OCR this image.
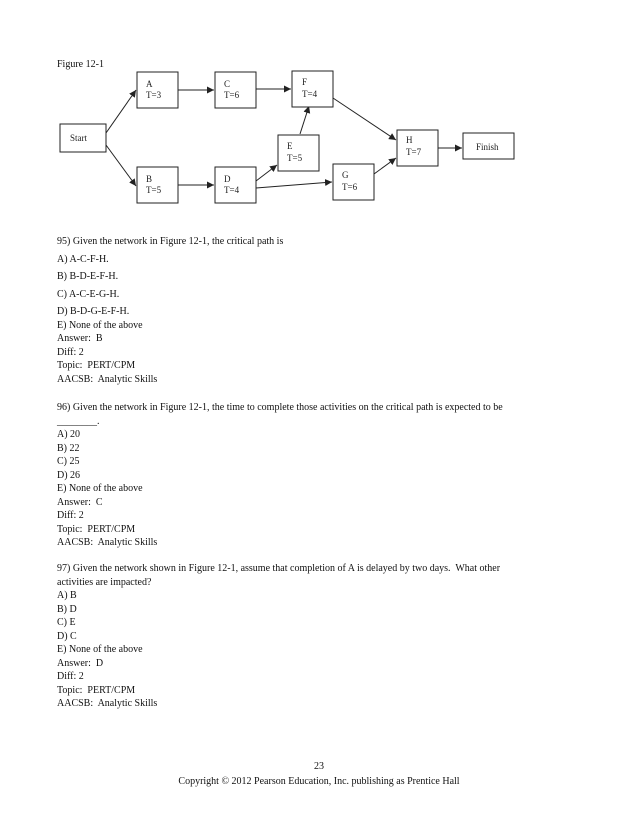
Figure 12-1
Start
A
T=3
B
T=5
C
T=6
D
T=4
E
T=5
F
T=4
G
T=6
H
T=7	Finish
95) Given the network in Figure 12-1, the critical path is
A) A-C-F-H.
B) B-D-E-F-H.
C) A-C-E-G-H.
D) B-D-G-E-F-H.
E) None of the above
Answer:  B
Diff: 2
Topic:  PERT/CPM
AACSB:  Analytic Skills
96) Given the network in Figure 12-1, the time to complete those activities on the critical path is expected to be
________.
A) 20
B) 22
C) 25
D) 26
E) None of the above
Answer:  C
Diff: 2
Topic:  PERT/CPM
AACSB:  Analytic Skills
97) Given the network shown in Figure 12-1, assume that completion of A is delayed by two days.  What other
activities are impacted?
A) B
B) D
C) E
D) C
E) None of the above
Answer:  D
Diff: 2
Topic:  PERT/CPM
AACSB:  Analytic Skills
23
Copyright © 2012 Pearson Education, Inc. publishing as Prentice Hall
